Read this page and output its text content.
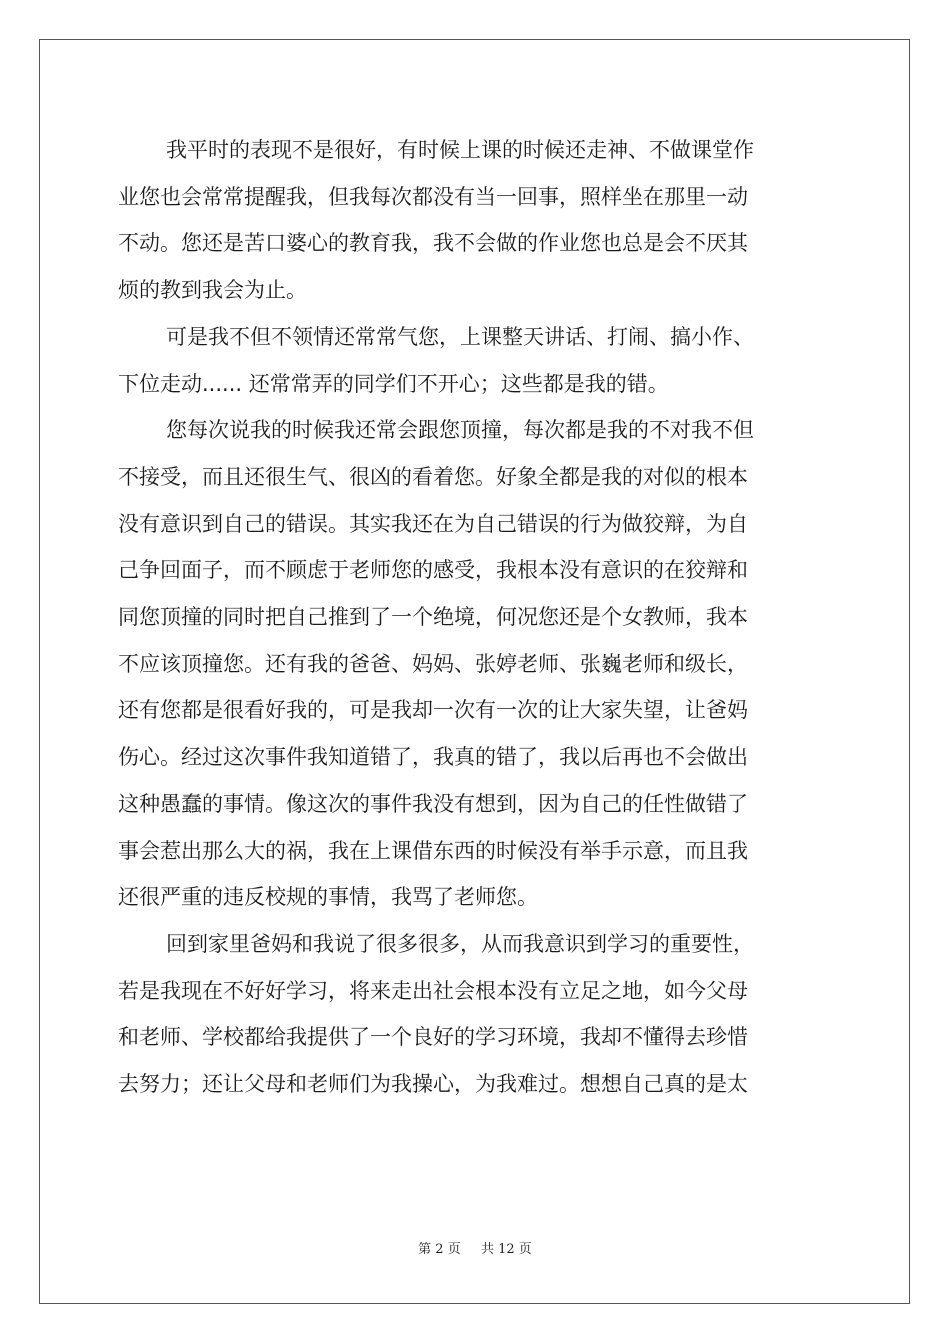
我平时的表现不是很好，有时候上课的时候还走神、不做课堂作
业您也会常常提醒我，但我每次都没有当一回事，照样坐在那里一动
不动。您还是苦口婆心的教育我，我不会做的作业您也总是会不厌其
烦的教到我会为止。
可是我不但不领情还常常气您，上课整天讲话、打闹、搞小作、
下位走动...... 还常常弄的同学们不开心；这些都是我的错。
您每次说我的时候我还常会跟您顶撞，每次都是我的不对我不但
不接受，而且还很生气、很凶的看着您。好象全都是我的对似的根本
没有意识到自己的错误。其实我还在为自己错误的行为做狡辩，为自
己争回面子，而不顾虑于老师您的感受，我根本没有意识的在狡辩和
同您顶撞的同时把自己推到了一个绝境，何况您还是个女教师，我本
不应该顶撞您。还有我的爸爸、妈妈、张婷老师、张巍老师和级长，
还有您都是很看好我的，可是我却一次有一次的让大家失望，让爸妈
伤心。经过这次事件我知道错了，我真的错了，我以后再也不会做出
这种愚蠢的事情。像这次的事件我没有想到，因为自己的任性做错了
事会惹出那么大的祸，我在上课借东西的时候没有举手示意，而且我
还很严重的违反校规的事情，我骂了老师您。
回到家里爸妈和我说了很多很多，从而我意识到学习的重要性，
若是我现在不好好学习，将来走出社会根本没有立足之地，如今父母
和老师、学校都给我提供了一个良好的学习环境，我却不懂得去珍惜
去努力；还让父母和老师们为我操心，为我难过。想想自己真的是太
第 2 页 共 12 页
